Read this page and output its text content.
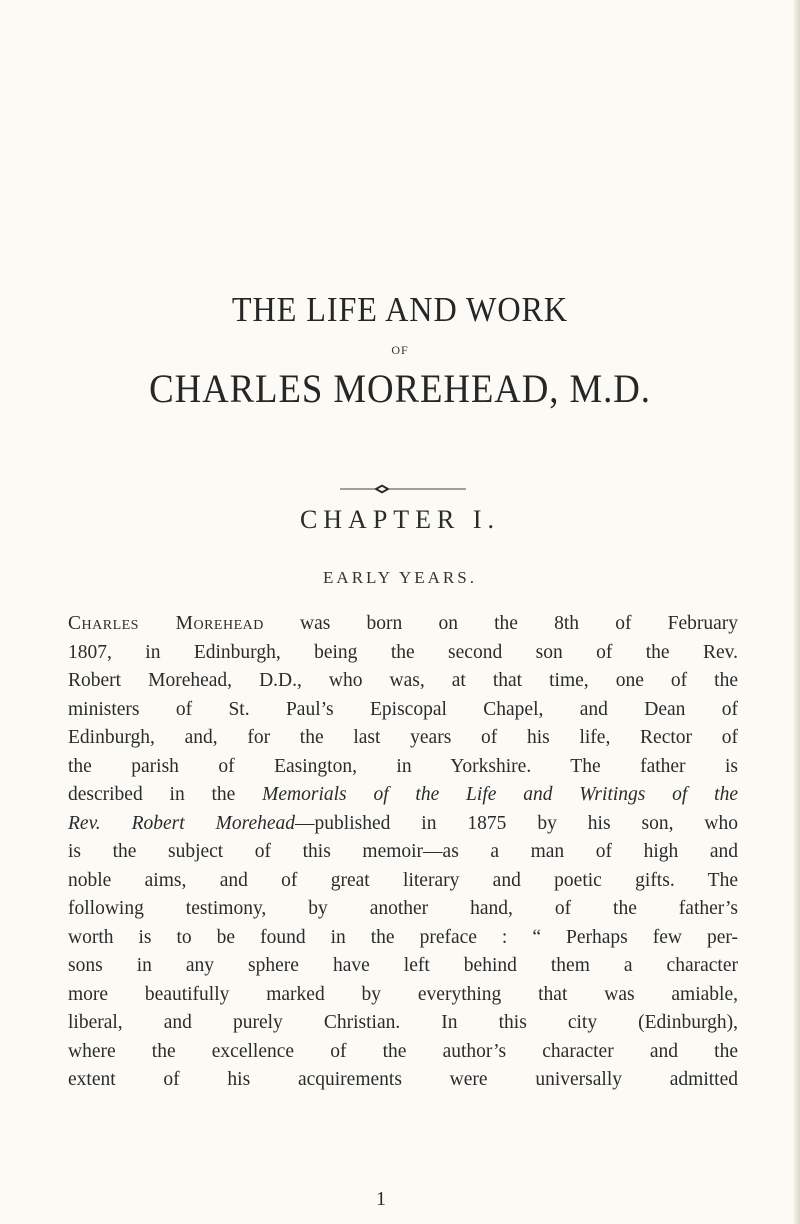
THE LIFE AND WORK
OF
CHARLES MOREHEAD, M.D.
CHAPTER I.
EARLY YEARS.
Charles Morehead was born on the 8th of February
1807, in Edinburgh, being the second son of the Rev.
Robert Morehead, D.D., who was, at that time, one of the
ministers of St. Paul’s Episcopal Chapel, and Dean of
Edinburgh, and, for the last years of his life, Rector of
the parish of Easington, in Yorkshire. The father is
described in the Memorials of the Life and Writings of the
Rev. Robert Morehead—published in 1875 by his son, who
is the subject of this memoir—as a man of high and
noble aims, and of great literary and poetic gifts. The
following testimony, by another hand, of the father’s
worth is to be found in the preface : “ Perhaps few per-
sons in any sphere have left behind them a character
more beautifully marked by everything that was amiable,
liberal, and purely Christian. In this city (Edinburgh),
where the excellence of the author’s character and the
extent of his acquirements were universally admitted
1
